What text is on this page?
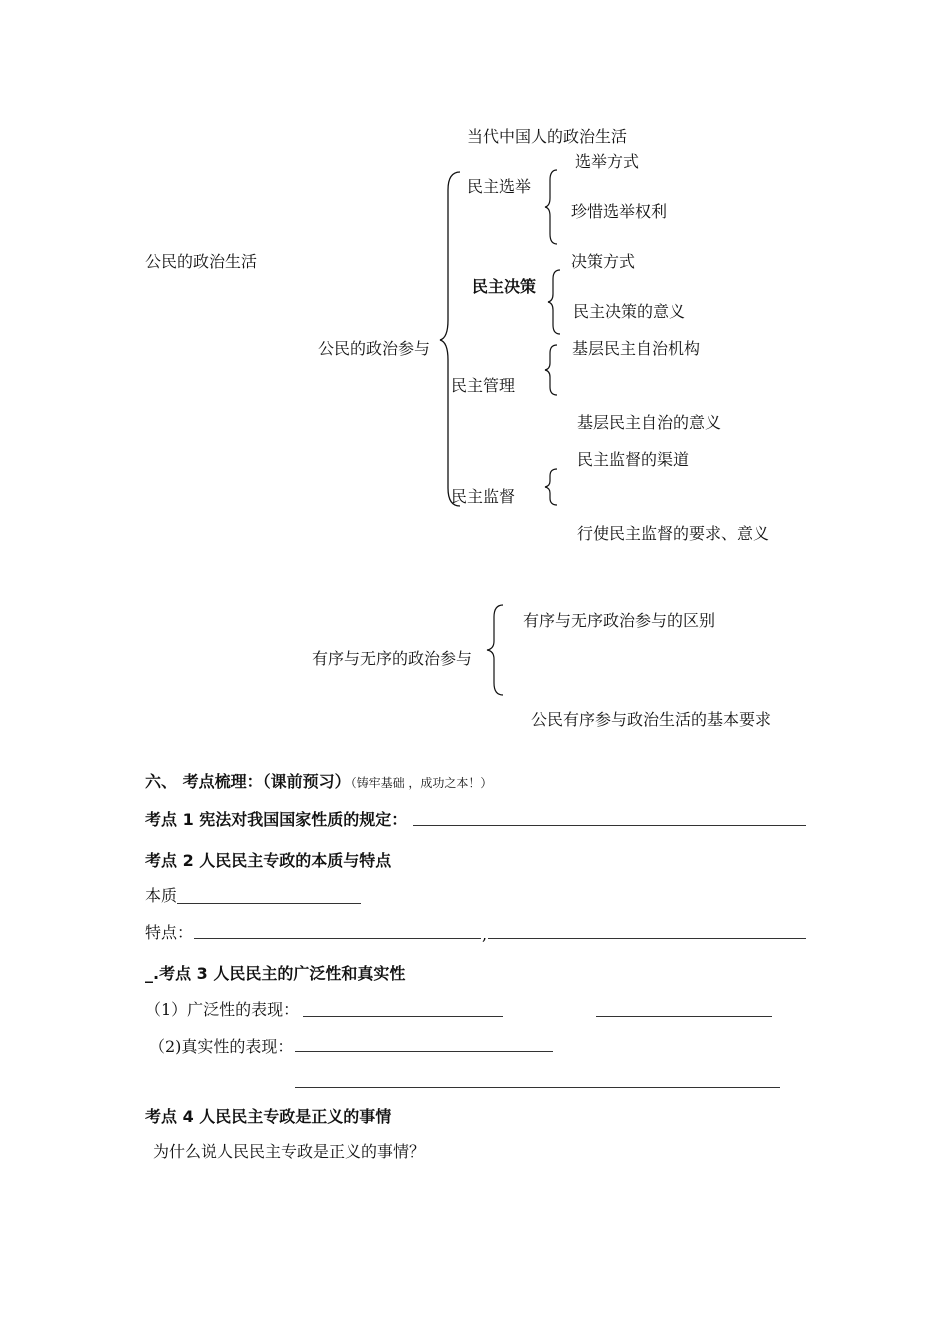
当代中国人的政治生活
公民的政治生活
公民的政治参与
民主选举
选举方式
珍惜选举权利
民主决策
决策方式
民主决策的意义
民主管理
基层民主自治机构
基层民主自治的意义
民主监督
民主监督的渠道
行使民主监督的要求、意义
有序与无序的政治参与
有序与无序政治参与的区别
公民有序参与政治生活的基本要求
六、 考点梳理：（课前预习）（铸牢基础 ，成功之本！）
考点 1 宪法对我国国家性质的规定：
考点 2 人民民主专政的本质与特点
本质
特点：	,
_.考点 3 人民民主的广泛性和真实性
（1）广泛性的表现：
（2)真实性的表现：
考点 4 人民民主专政是正义的事情
为什么说人民民主专政是正义的事情？
